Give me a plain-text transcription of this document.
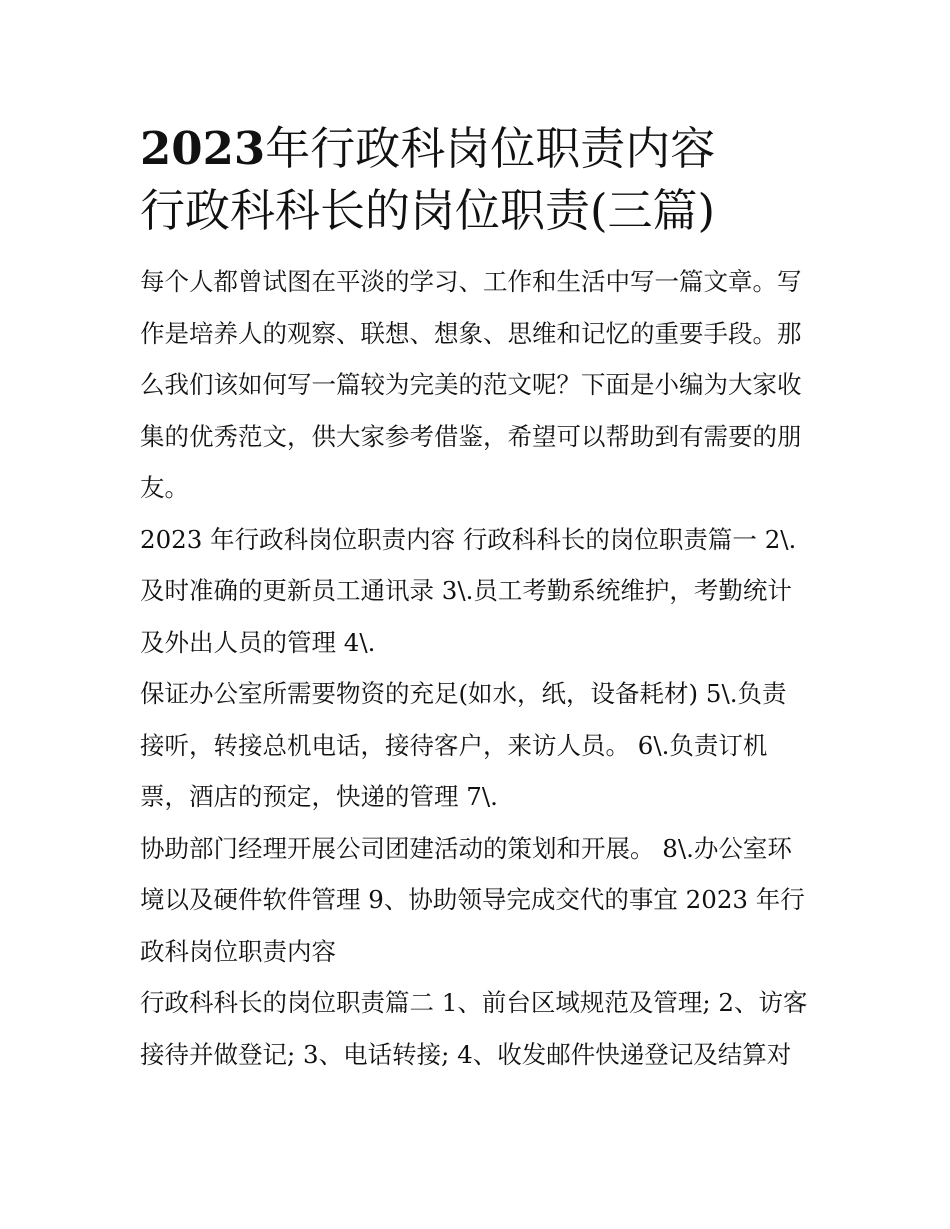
2023年行政科岗位职责内容
行政科科长的岗位职责(三篇)

每个人都曾试图在平淡的学习、工作和生活中写一篇文章。写
作是培养人的观察、联想、想象、思维和记忆的重要手段。那
么我们该如何写一篇较为完美的范文呢？下面是小编为大家收
集的优秀范文，供大家参考借鉴，希望可以帮助到有需要的朋
友。

2023 年行政科岗位职责内容 行政科科长的岗位职责篇一 2\.
及时准确的更新员工通讯录 3\.员工考勤系统维护，考勤统计
及外出人员的管理 4\.

保证办公室所需要物资的充足(如水，纸，设备耗材) 5\.负责
接听，转接总机电话，接待客户，来访人员。 6\.负责订机
票，酒店的预定，快递的管理 7\.

协助部门经理开展公司团建活动的策划和开展。 8\.办公室环
境以及硬件软件管理 9、协助领导完成交代的事宜 2023 年行
政科岗位职责内容

行政科科长的岗位职责篇二 1、前台区域规范及管理; 2、访客
接待并做登记; 3、电话转接; 4、收发邮件快递登记及结算对
